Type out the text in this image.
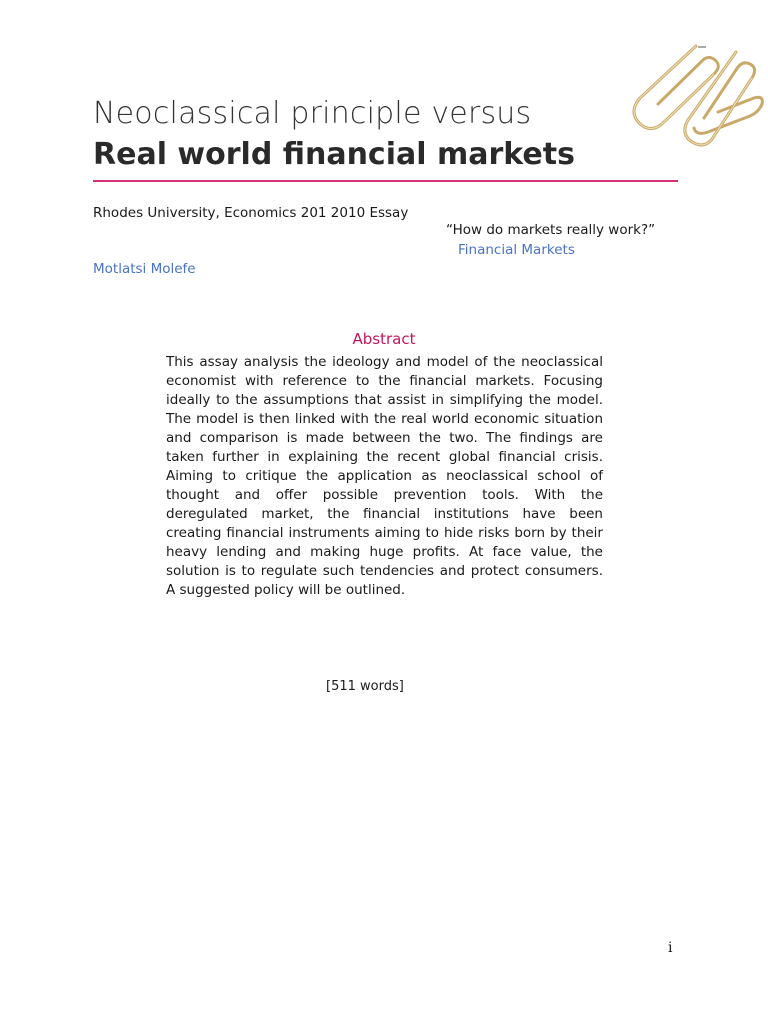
Neoclassical principle versus
Real world financial markets
Rhodes University, Economics 201 2010 Essay
“How do markets really work?”
Financial Markets
Motlatsi Molefe
Abstract
This assay analysis the ideology and model of the neoclassical economist with reference to the financial markets. Focusing ideally to the assumptions that assist in simplifying the model. The model is then linked with the real world economic situation and comparison is made between the two. The findings are taken further in explaining the recent global financial crisis. Aiming to critique the application as neoclassical school of thought and offer possible prevention tools. With the deregulated market, the financial institutions have been creating financial instruments aiming to hide risks born by their heavy lending and making huge profits. At face value, the solution is to regulate such tendencies and protect consumers. A suggested policy will be outlined.
[511 words]
i
